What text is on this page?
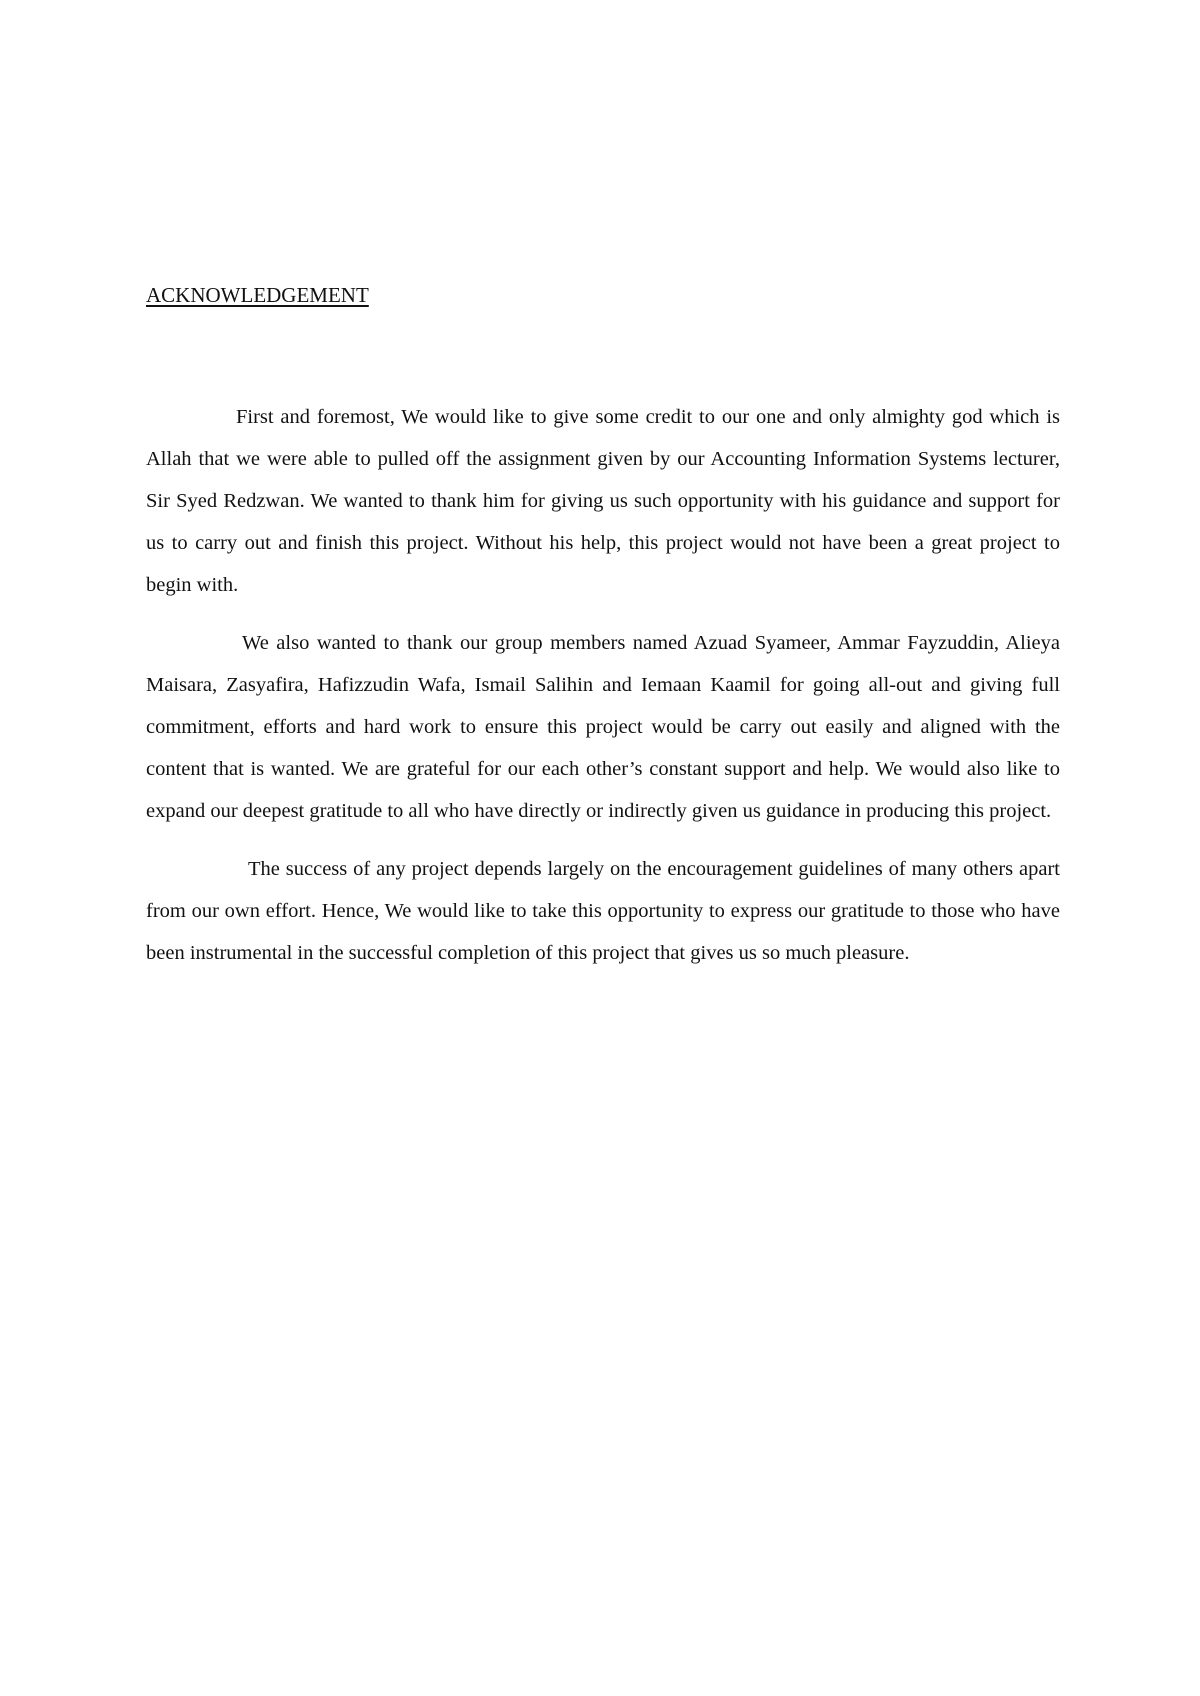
ACKNOWLEDGEMENT

First and foremost, We would like to give some credit to our one and only almighty god which is Allah that we were able to pulled off the assignment given by our Accounting Information Systems lecturer, Sir Syed Redzwan. We wanted to thank him for giving us such opportunity with his guidance and support for us to carry out and finish this project. Without his help, this project would not have been a great project to begin with.

We also wanted to thank our group members named Azuad Syameer, Ammar Fayzuddin, Alieya Maisara, Zasyafira, Hafizzudin Wafa, Ismail Salihin and Iemaan Kaamil for going all-out and giving full commitment, efforts and hard work to ensure this project would be carry out easily and aligned with the content that is wanted. We are grateful for our each other’s constant support and help. We would also like to expand our deepest gratitude to all who have directly or indirectly given us guidance in producing this project.

The success of any project depends largely on the encouragement guidelines of many others apart from our own effort. Hence, We would like to take this opportunity to express our gratitude to those who have been instrumental in the successful completion of this project that gives us so much pleasure.
